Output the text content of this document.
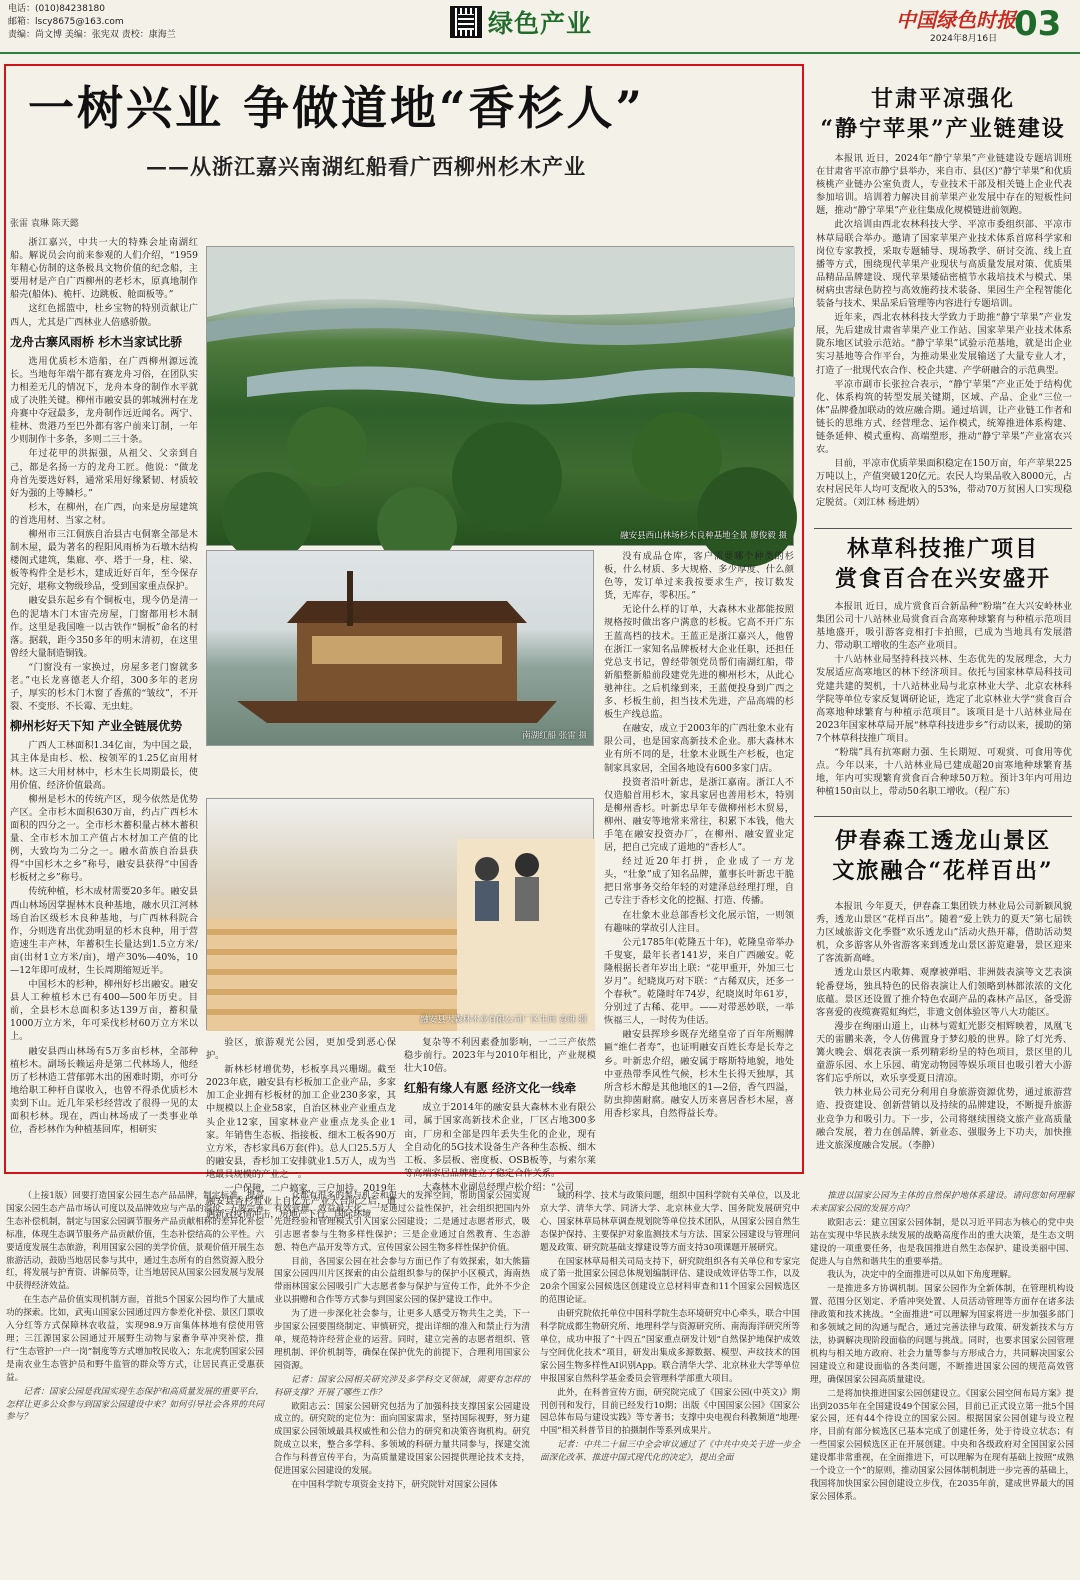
电话：(010)84238180
邮箱：lscy8675@163.com
责编：尚文博 美编：张宪双 责校：康海兰	绿色产业	中国绿色时报
2024年8月16日 03
一树兴业 争做道地“香杉人”
——从浙江嘉兴南湖红船看广西柳州杉木产业
张雷 袁琳 陈天懿

浙江嘉兴，中共一大的特殊会址南湖红船。解说员会向前来参观的人们介绍，“1959年精心仿制的这条极具文物价值的纪念船，主要用材是产自广西柳州的老杉木，原真地制作船壳(船体)、桅杆、边跳板、舱面板等。”

这红色摇篮中，杜乡宝物的特别贡献让广西人，尤其是广西林业人倍感骄傲。

龙舟古寨风雨桥 杉木当家试比骄

选用优质杉木造船，在广西柳州源远流长。当地每年端午都有赛龙舟习俗，在团队实力相差无几的情况下，龙舟本身的制作水平就成了决胜关键。柳州市融安县的郭城洲村在龙舟赛中夺冠最多，龙舟制作远近闻名。两宁、桂林、贵港乃至巴外都有客户前来订制，一年少则制作十多条，多则二三十条。

年过花甲的洪振强，从祖父、父亲到自己，都是名扬一方的龙舟工匠。他说：“做龙舟首先要选好料，通常采用好缘紧韧、材质较好为强的上等鳞杉。”

杉木，在柳州，在广西，向来是房屋建筑的首选用材、当家之材。

柳州市三江侗族自治县古屯侗寨全部是木制木屋，最为著名的程阳风雨桥为石墩木结构楼阁式建筑，集廊、亭、塔于一身，柱、梁、板等构件全是杉木，建成近好百年，至今保存完好，堪称文物级珍品，受到国家重点保护。

融安县东起乡有个铜板屯，现今仍是清一色的泥墙木门木宙壳房屋，门窗都用杉木制作。这里是我国唯一以古铁作“铜板”命名的村落。据载，距今350多年的明末清初，在这里曾经大量制造铜钱。

“门窗没有一家换过，房屋多老门窗就多老。”屯长龙喜德老人介绍，300多年的老房子，厚实的杉木门木窗了香蕉的“皱纹”，不开裂、不变形、不长霉、无虫蛀。

柳州杉好天下知 产业全链展优势

广西人工林面积1.34亿亩，为中国之最，其主体是由杉、松、桉领军的1.25亿亩用材林。这三大用材林中，杉木生长周期最长，使用价值、经济价值最高。

柳州是杉木的传统产区，现今依然是优势产区。全市杉木面积630万亩，约占广西杉木面积的四分之一。全市杉木蓄积量占林木蓄积量、全市杉木加工产值占木材加工产值的比例，大致均为二分之一。融水苗族自治县获得“中国杉木之乡”称号，融安县获得“中国香杉板材之乡”称号。

传统种植，杉木成材需要20多年。融安县西山林场因掌握林木良种基地，融水贝江河林场自治区级杉木良种基地，与广西林科院合作，分则选育出优劲明显的杉木良种，用于营造速生丰产林，年蓄积生长量达到1.5立方米/亩(出材1立方米/亩)，增产30%—40%，10—12年即可成材，生长周期缩短近半。

中国杉木的杉种，柳州好杉出融安。融安县人工种植杉木已有400—500年历史。目前，全县杉木总面积多达139万亩，蓄积量1000万立方米，年可采伐杉材60万立方米以上。

融安县西山林场有5万多亩杉林，全部种植杉木。副场长赖运舟是第二代林场人，他经历了杉林造工营郁郭木出的困难时期，亦可分地给职工种杆自谋收入，也曾不得杀优质杉木卖到下山。近几年采杉经营改了很得一见的太面积杉林。现在，西山林场成了一类事业单位，香杉林作为种植基回库，相研实

融安县西山林场杉木良种基地全景 廖俊毅 摄
南湖红船 张雷 摄
融安县大森林木业有限公司厂区生间 袁琳 摄

没有成品仓库，客户需要哪个种类的杉板，什么材质、多大规格、多少厚度、什么颜色等，发订单过来我按要求生产，按订数发货，无库存，零积压。”

无论什么样的订单，大森林木业都能按照规格按时做出客户满意的杉板。它高不开广东王蓝高档的技术。王蓝正是浙江嘉兴人，他曾在浙江一家知名品牌板材大企业任职，还担任党总支书记，曾经带领党员帮们南湖红船，带新船整新船前段建党先进的柳州杉木，从此心驰神往。之后机缘到来，王蓝便投身到广西之多、杉板生前，担当技术先进，产品高端的杉板生产线总监。

在融安，成立于2003年的广西壮象木业有限公司，也是国家高新技术企业。那大森林木业有所不同的是，壮象木业既生产杉板，也定制家具家居，全国各地设有600多家门店。

投资者沿叶新忠，是浙江嘉南。浙江人不仅造船首用杉木，家具家居也善用杉木，特别是柳州香杉。叶新忠早年专做柳州杉木贸易，柳州、融安等地常来常往，积累下本钱，他大手笔在融安投资办厂，在柳州、融安置业定居，把自己完成了道地的“香杉人”。

经过近20年打拼，企业成了一方龙头，“壮象”成了知名品牌，董事长叶新忠干脆把日常事务交给年轻的对建泽总经理打理，自己专注于香杉文化的挖掘、打造、传播。

在壮象木业总部香杉文化展示馆，一则领有趣味的掌故引人注目。

公元1785年(乾隆五十年)，乾隆皇帝举办千叟宴，最年长者141岁，来自广西融安。乾隆根据长者年岁出上联：“花甲重开，外加三七岁月”。纪晓岚巧对下联：“古稀双庆，还多一个春秋”。乾隆时年74岁，纪晓岚时年61岁，分别过了古稀、花甲。——对带恶妙联，一举恢福三人，一时传为佳话。

融安县挥珍乡既存光绪皇帝了百年所赐牌匾“维仁者寿”，也证明融安百姓长寿是长寿之乡。叶新忠介绍，融安属于喀斯特地貌，地处中亚热带季风性气候，杉木生长得天独厚，其所含杉木醇是其他地区的1—2倍，香气四溢，防虫抑菌耐腐。融安人历来喜居香杉木屋，喜用香杉家具，自然得益长寿。

验区，旅游观光公园，更加受到恶心保护。

新林杉材增优势，杉板享具兴珊瑚。截至2023年底，融安县有杉板加工企业产品，多家加工企业拥有杉板材的加工企业230多家，其中规模以上企业58家，自治区林业产业重点龙头企业12家，国家林业产业重点龙头企业1家。年销售生态板、指接板、细木工板各90万立方米，杏杉家具6万套(件)。总人口25.5万人的融安县，香杉加工安排就业1.5万人，成为当地最具规模的产业之一。

一户保障，二户搞家，三户加持。2019年融安县香杉暂业上自亿元产业大台阶之后，遭遇新冠疫情冲击，房地产下行，国际环境

复杂等不利因素叠加影响，一二三产依然稳步前行。2023年与2010年相比，产业规模壮大10倍。

红船有缘人有愿 经济文化一线牵

成立于2014年的融安县大森林木业有限公司，属于国家高新技术企业，厂区占地300多亩，厂房和全部是四年丢失生化的企业，现有全自动化的5G技术设备生产各种生态板、细木工板、多层板、密度板、OSB板等，与索尔莱等高端家居品牌建立了稳定合作关系。

大森林木业副总经理卢松介绍：“公司

甘肃平凉强化
“静宁苹果”产业链建设

本报讯 近日，2024年“静宁苹果”产业链建设专题培训班在甘肃省平凉市静宁县举办，来自市、县(区)“静宁苹果”和优质核桃产业链办公室负责人，专业技术干部及相关链上企业代表参加培训。培训着力解决目前苹果产业发展中存在的短板性问题，推动“静宁苹果”产业往集成化规模链进前领跑。

此次培训由西北农林科技大学、平凉市委组织部、平凉市林草局联合举办。邀请了国家苹果产业技术体系首席科学家和岗位专家教授，采取专题辅导、现场教学、研讨交流、线上直播等方式，围绕现代苹果产业现状与高质量发展对策、优质果品精品品牌建设、现代苹果矮砧密植节水栽培技术与模式、果树病虫害绿色防控与高效施药技术装备、果园生产全程智能化装备与技术、果品采后管理等内容进行专题培训。

近年来，西北农林科技大学致力于助推“静宁苹果”产业发展，先后建成甘肃省苹果产业工作站、国家苹果产业技术体系陇东地区试验示范站。“静宁苹果”试验示范基地，就是出企业实习基地等合作平台，为推动果业发展输送了大量专业人才，打造了一批现代农合作、校企共建、产学研融合的示范典型。

平凉市副市长张拉合表示，“静宁苹果”产业正处于结构优化、体系构筑的转型发展关键期，区域、产品、企业“三位一体”品牌叠加联动的效应融合期。通过培训，让产业链工作者和链长的思维方式、经营理念、运作模式，统筹推进体系构建、链条延伸、模式重构、高端塑形，推动“静宁苹果”产业富农兴农。

目前，平凉市优质苹果面积稳定在150万亩，年产苹果225万吨以上，产值突破120亿元。农民人均果品收入8000元，占农村居民年人均可支配收入的53%，带动70万贫困人口实现稳定脱贫。（刘江林 杨进炳）

林草科技推广项目
赏食百合在兴安盛开

本报讯 近日，成片赏食百合新品种“粉瑞”在大兴安岭林业集团公司十八站林业局赏食百合高寒种球繁育与种植示范项目基地盛开，吸引游客竞相打卡拍照，已成为当地具有发展潜力、带动职工增收的生态产业项目。

十八站林业局坚持科技兴林、生态优先的发展理念，大力发展适应高寒地区的林下经济项目。依托与国家林草局科技司党建共建的契机，十八站林业局与北京林业大学、北京农林科学院等单位专家反复调研论证，选定了北京林业大学“赏食百合高寒地种球繁育与种植示范项目”。该项目是十八站林业局在2023年国家林草局开展“林草科技进步乡”行动以来，援助的第7个林草科技推广项目。

“粉瑞”具有抗寒耐力强、生长期短、可观赏、可食用等优点。今年以来，十八站林业局已建成超20亩寒地种球繁育基地，年内可实现繁育赏食百合种球50万粒。预计3年内可用边种植150亩以上，带动50名职工增收。（程广东）

伊春森工透龙山景区
文旅融合“花样百出”

本报讯 今年夏天，伊春森工集团铁力林业局公司新颖风貌秀，透龙山景区“花样百出”。随着“爱上铁力的夏天”第七届铁力区域旅游文化季暨“欢乐透龙山”活动火热开幕，借助活动契机，众多游客从外省游客来到透龙山景区游览避暑，景区迎来了客流新高峰。

透龙山景区内歌舞、观摩被弹唱、非洲鼓表演等文艺表演轮番登场，独具特色的民俗表演让人们领略到林都浓浓的文化底蕴。景区还设置了推介特色农副产品的森林产品区，备受游客喜爱的夜缆赛霓虹绚烂，非遗文创体验区等八大功能区。

漫步在绚丽山道上，山林与霓虹光影交相辉映着，凤凰飞天的雷鹏来袭，令人仿佛置身于梦幻般的世界。除了灯光秀、篝火晚会、烟花表演一系列精彩纷呈的特色项目，景区里的儿童游乐园、水上乐园、萌宠动物园等娱乐项目也吸引着大小游客们忘乎所以，欢乐享受夏日清凉。

铁力林业局公司充分利用自身旅游资源优势，通过旅游营造、投资建设、创新营销以及持续的品牌建设，不断提升旅游业竞争力和吸引力。下一步，公司将继续围绕文旅产业高质量融合发展，着力在创品牌、新业态、强服务上下功夫，加快推进文旅深度融合发展。（李静）

（上接1版）回要打造国家公园生态产品品牌，制定标准，提高国家公园生态产品市场认可度以及品牌效应与产品的溢价。五要完善生态补偿机制，制定与国家公园调节服务产品贡献相称的差异化补偿标准，体现生态调节服务产品贡献价值，生态补偿结高的公平性。六要适度发展生态旅游，利用国家公园的美学价值，景观价值开展生态旅游活动，鼓励当地居民参与其中，通过生态所有的自然资源入股分红，将发展与护育资、讲解员等，让当地居民从国家公园发展与发展中获得经济效益。

在生态产品价值实现机制方面，首批5个国家公园均作了大量成功的探索。比如，武夷山国家公园通过四方参差化补偿、景区门票收入分红等方式保障林农收益，实现98.9万亩集体林地有偿使用管理；三江源国家公园通过开展野生动物与家畜争草冲突补偿，推行“生态管护一户一岗”制度等方式增加牧民收入；东北虎豹国家公园是南农业生态管护员和野牛监管的群众等方式，让居民真正受惠获益。

记者：国家公园是我国实现生态保护和高质量发展的重要平台，怎样让更多公众参与到国家公园建设中来？如何引导社会各界的共同参与？

众都有很多的参与机会和很大的发挥空间，帮助国家公园实现有效管理、效益最大化。一是通过公益性保护，社会组织把国内外先进经验和管理模式引入国家公园建设；二是通过志愿者形式，吸引志愿者参与生物多样性保护；三是企业通过自然教育、生态游憩、特色产品开发等方式，宣传国家公园生物多样性保护价值。

目前，各国家公园在社会参与方面已作了有效探索，如大熊猫国家公园四川片区探索的由公益组织参与的保护小区模式，海南热带雨林国家公园吸引广大志愿者参与保护与宣传工作，此外不少企业以捐赠和合作等方式参与到国家公园的保护建设工作中。

为了进一步深化社会参与，让更多人感受万物共生之美，下一步国家公园要围绕制定、审慎研究，提出详细的准入和禁止行为清单，规范特许经营企业的运营。同时，建立完善的志愿者组织、管理机制、评价机制等，确保在保护优先的前提下，合理利用国家公园资源。

记者：国家公园相关研究涉及多学科交叉领域，需要有怎样的科研支撑？开展了哪些工作？

欧阳志云：国家公园研究包括为了加强科技支撑国家公园建设成立的。研究院的定位为：面向国家需求，坚持国际视野，努力建成国家公园领域最具权威性和公信力的研究和决策咨询机构。研究院成立以来，整合多学科、多领域的科研力量共同参与，探建交流合作与科普宣传平台，为高质量建设国家公园提供理论技术支持，促进国家公园建设的发展。

在中国科学院专项资金支持下，研究院针对国家公园体

域的科学、技术与政策问题，组织中国科学院有关单位，以及北京大学、清华大学、同济大学、北京林业大学、国务院发展研究中心、国家林草局林草调查规划院等单位技术团队，从国家公园自然生态保护保持、主要保护对象监测技术与方法、国家公园建设与管理问题及政策、研究院基础支撑建设等方面支持30项课题开展研究。

在国家林草局相关司局支持下，研究院组织各有关单位和专家完成了第一批国家公园总体规划编制评估、建设成效评估等工作，以及20余个国家公园候选区创建设立总材料审查和11个国家公园候选区的范围论证。

由研究院依托单位中国科学院生态环境研究中心牵头，联合中国科学院成都生物研究所、地理科学与资源研究所、南海海洋研究所等单位，成功申报了“十四五”国家重点研发计划“自然保护地保护成效与空间优化技术”项目，研发出集成多源数据、模型、声纹技术的国家公园生物多样性AI识别App。联合清华大学、北京林业大学等单位申报国家自然科学基金委员会管理科学部重大项目。

此外，在科普宣传方面，研究院完成了《国家公园(中英文)》期刊创刊和发行，目前已经发行10期；出版《中国国家公园》《国家公园总体布局与建设实践》等专著书；支撑中央电视台科教频道“地理·中国”相关科普节目的拍摄制作等系列成果片。

记者：中共二十届三中全会审议通过了《中共中央关于进一步全面深化改革、推进中国式现代化的决定》，提出全面

推进以国家公园为主体的自然保护地体系建设。请问您如何理解未来国家公园的发展方向？

欧阳志云：建立国家公园体制，是以习近平同志为核心的党中央站在实现中华民族永续发展的战略高度作出的重大决策，是生态文明建设的一项重要任务，也是我国推进自然生态保护、建设美丽中国、促进人与自然和谐共生的重要举措。

我认为，决定中的全面推进可以从如下角度理解。

一是推进多方协调机制。国家公园作为全新体制，在管理机构设置、范围分区划定、矛盾冲突处置、人员活动管理等方面存在诸多法律政策和技术挑战。“全面推进”可以理解为国家将进一步加强多部门和多领域之间的沟通与配合，通过完善法律与政策、研发新技术与方法，协调解决现阶段面临的问题与挑战。同时，也要求国家公园管理机构与相关地方政府、社会力量等参与方形成合力，共同解决国家公园建设立和建设面临的各类问题，不断推进国家公园的规范高效管理，确保国家公园高质量建设。

二是将加快推进国家公园创建设立。《国家公园空间布局方案》提出到2035年在全国建设49个国家公园，目前已正式设立第一批5个国家公园，还有44个待设立的国家公园。根据国家公园创建与设立程序，目前有部分候选区已基本完成了创建任务，处于待设立状态；有一些国家公园候选区正在开展创建。中央和各级政府对全国国家公园建设都非常重视，在全面推进下，可以理解为在现有基础上按照“成熟一个设立一个”的原则，推动国家公园体制机制进一步完善的基础上，我国将加快国家公园创建设立步伐，在2035年前，建成世界最大的国家公园体系。
